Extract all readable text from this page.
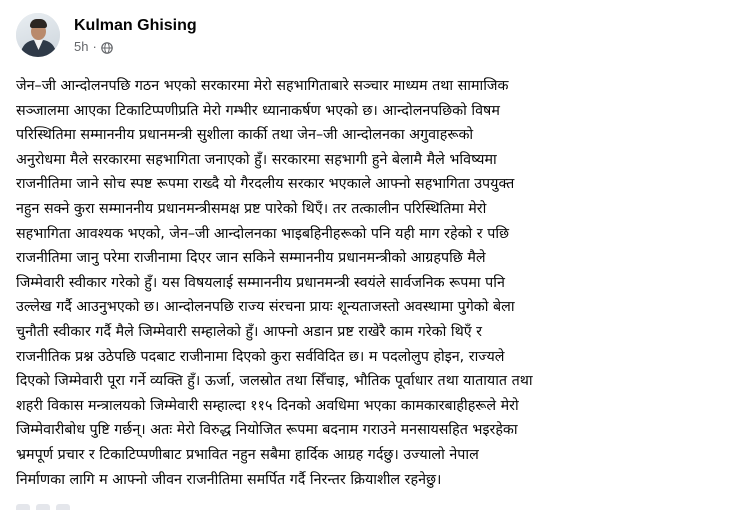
Kulman Ghising
5h ·
जेन–जी आन्दोलनपछि गठन भएको सरकारमा मेरो सहभागिताबारे सञ्चार माध्यम तथा सामाजिक
सञ्जालमा आएका टिकाटिप्पणीप्रति मेरो गम्भीर ध्यानाकर्षण भएको छ। आन्दोलनपछिको विषम
परिस्थितिमा सम्माननीय प्रधानमन्त्री सुशीला कार्की तथा जेन–जी आन्दोलनका अगुवाहरूको
अनुरोधमा मैले सरकारमा सहभागिता जनाएको हुँ। सरकारमा सहभागी हुने बेलामै मैले भविष्यमा
राजनीतिमा जाने सोच स्पष्ट रूपमा राख्दै यो गैरदलीय सरकार भएकाले आफ्नो सहभागिता उपयुक्त
नहुन सक्ने कुरा सम्माननीय प्रधानमन्त्रीसमक्ष प्रष्ट पारेको थिएँ। तर तत्कालीन परिस्थितिमा मेरो
सहभागिता आवश्यक भएको, जेन–जी आन्दोलनका भाइबहिनीहरूको पनि यही माग रहेको र पछि
राजनीतिमा जानु परेमा राजीनामा दिएर जान सकिने सम्माननीय प्रधानमन्त्रीको आग्रहपछि मैले
जिम्मेवारी स्वीकार गरेको हुँ। यस विषयलाई सम्माननीय प्रधानमन्त्री स्वयंले सार्वजनिक रूपमा पनि
उल्लेख गर्दै आउनुभएको छ। आन्दोलनपछि राज्य संरचना प्रायः शून्यताजस्तो अवस्थामा पुगेको बेला
चुनौती स्वीकार गर्दै मैले जिम्मेवारी सम्हालेको हुँ। आफ्नो अडान प्रष्ट राखेरै काम गरेको थिएँ र
राजनीतिक प्रश्न उठेपछि पदबाट राजीनामा दिएको कुरा सर्वविदित छ। म पदलोलुप होइन, राज्यले
दिएको जिम्मेवारी पूरा गर्ने व्यक्ति हुँ। ऊर्जा, जलस्रोत तथा सिँचाइ, भौतिक पूर्वाधार तथा यातायात तथा
शहरी विकास मन्त्रालयको जिम्मेवारी सम्हाल्दा ११५ दिनको अवधिमा भएका कामकारबाहीहरूले मेरो
जिम्मेवारीबोध पुष्टि गर्छन्। अतः मेरो विरुद्ध नियोजित रूपमा बदनाम गराउने मनसायसहित भइरहेका
भ्रमपूर्ण प्रचार र टिकाटिप्पणीबाट प्रभावित नहुन सबैमा हार्दिक आग्रह गर्दछु। उज्यालो नेपाल
निर्माणका लागि म आफ्नो जीवन राजनीतिमा समर्पित गर्दै निरन्तर क्रियाशील रहनेछु।
